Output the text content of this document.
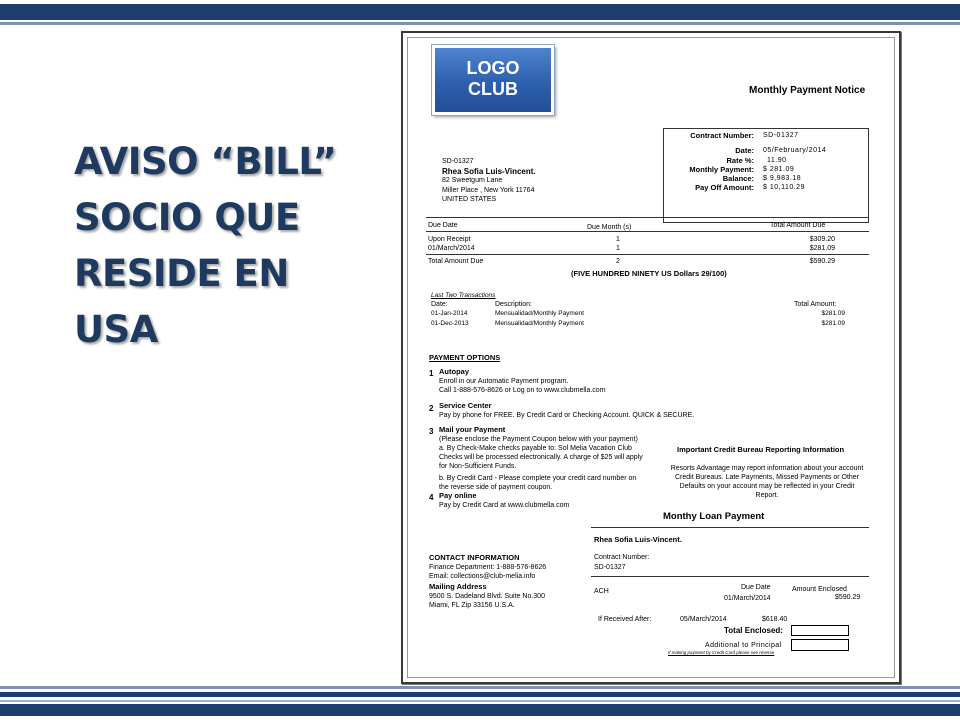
AVISO “BILL”
SOCIO QUE
RESIDE EN
USA
LOGO
CLUB	Monthly Payment Notice
Contract Number: SD-01327
Date: 05/February/2014
Rate %: 11.90
Monthly Payment: $ 281.09
Balance: $ 9,983.18
Pay Off Amount: $ 10,110.29
SD-01327
Rhea Sofia Luis-Vincent.
82 Sweetgum Lane
Miller Place , New York 11764
UNITED STATES
Due Date	Due Month (s)	Total Amount Due
Upon Receipt	1	$309.20
01/March/2014	1	$281.09
Total Amount Due	2	$590.29
(FIVE HUNDRED NINETY US Dollars 29/100)
Last Two Transactions
Date:	Description:	Total Amount:
01-Jan-2014	Mensualidad/Monthly Payment	$281.09
01-Dec-2013	Mensualidad/Monthly Payment	$281.09
PAYMENT OPTIONS
1 Autopay
Enroll in our Automatic Payment program.
Call 1-888-576-8626 or Log on to www.clubmella.com
2 Service Center
Pay by phone for FREE. By Credit Card or Checking Account. QUICK & SECURE.
3 Mail your Payment
(Please enclose the Payment Coupon below with your payment)
a. By Check-Make checks payable to: Sol Melia Vacation Club
Checks will be processed electronically. A charge of $25 will apply
for Non-Sufficient Funds.
b. By Credit Card - Please complete your credit card number on
the reverse side of payment coupon.
4 Pay online
Pay by Credit Card at www.clubmella.com
Important Credit Bureau Reporting Information
Resorts Advantage may report information about your account
Credit Bureaus. Late Payments, Missed Payments or Other
Defaults on your account may be reflected in your Credit
Report.
Monthy Loan Payment
Rhea Sofia Luis-Vincent.
Contract Number:
SD-01327
Due Date	Amount Enclosed
ACH
01/March/2014	$590.29
If Received After:	05/March/2014	$618.40
Total Enclosed:
Additional to Principal
If making payment by Credit Card please see reverse
CONTACT INFORMATION
Finance Department: 1-888-576-8626
Email: collections@club-melia.info
Mailing Address
9500 S. Dadeland Blvd. Suite No.300
Miami, FL Zip 33156 U.S.A.
